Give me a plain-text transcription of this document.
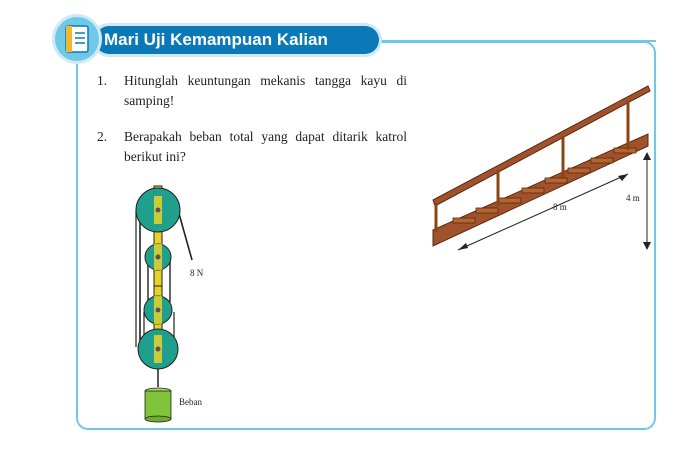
Mari Uji Kemampuan Kalian
1. Hitunglah keuntungan mekanis tangga kayu di samping!
2. Berapakah beban total yang dapat ditarik katrol berikut ini?
8 N
Beban
8 m
4 m
